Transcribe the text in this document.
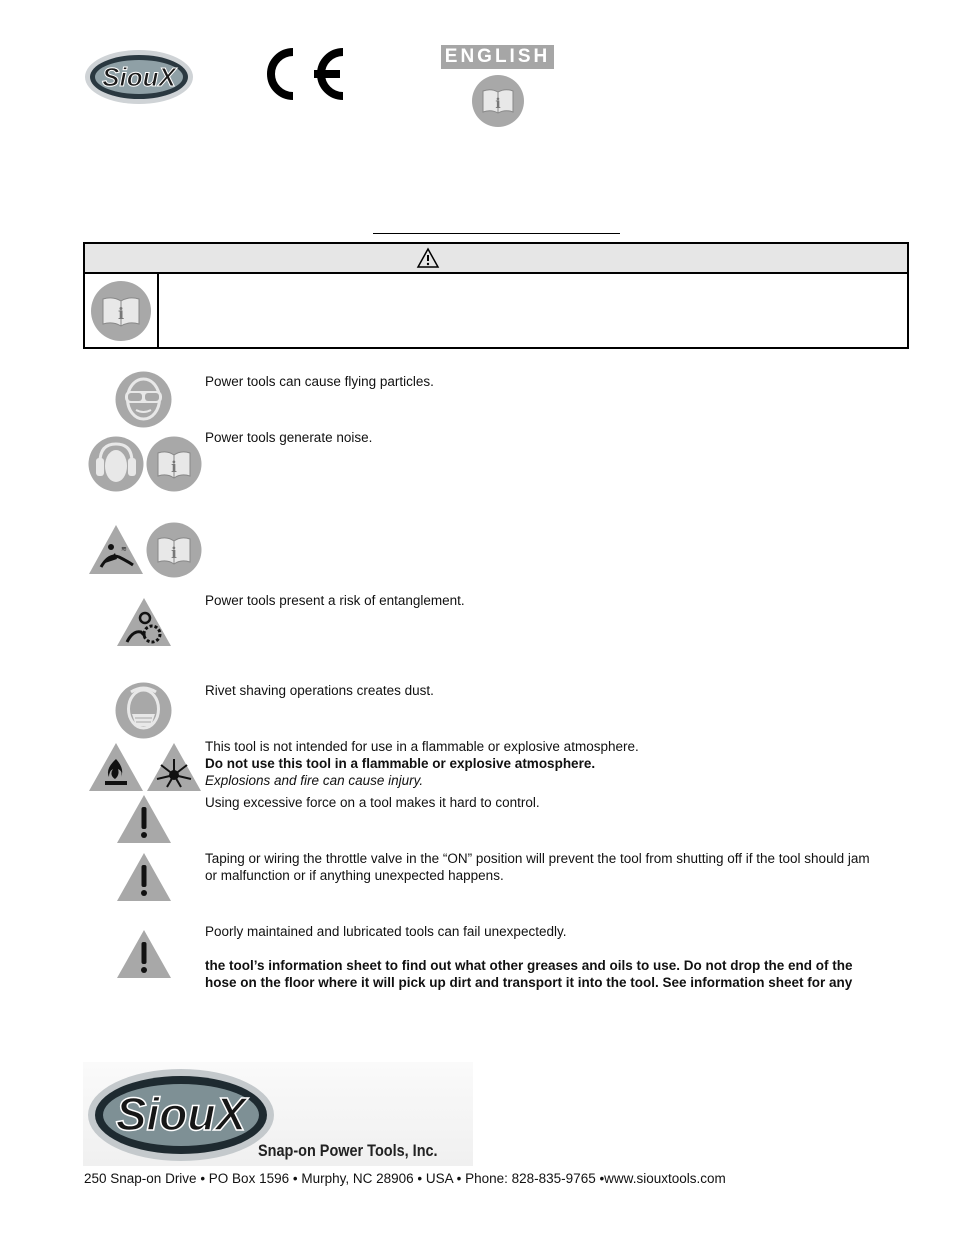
SiouX
ENGLISH
i
i
i
≋	i
Power tools can cause flying particles.
Power tools generate noise.
Power tools present a risk of entanglement.
Rivet shaving operations creates dust.
This tool is not intended for use in a flammable or explosive atmosphere.
Do not use this tool in a flammable or explosive atmosphere.
Explosions and fire can cause injury.
Using excessive force on a tool makes it hard to control.
Taping or wiring the throttle valve in the “ON” position will prevent the tool from shutting off if the tool should jam
or malfunction or if anything unexpected happens.
Poorly maintained and lubricated tools can fail unexpectedly.
the tool’s information sheet to find out what other greases and oils to use. Do not drop the end of the
hose on the floor where it will pick up dirt and transport it into the tool. See information sheet for any
SiouX
Snap-on Power Tools, Inc.
250 Snap-on Drive • PO Box 1596 • Murphy, NC 28906 • USA • Phone: 828-835-9765 •www.siouxtools.com
